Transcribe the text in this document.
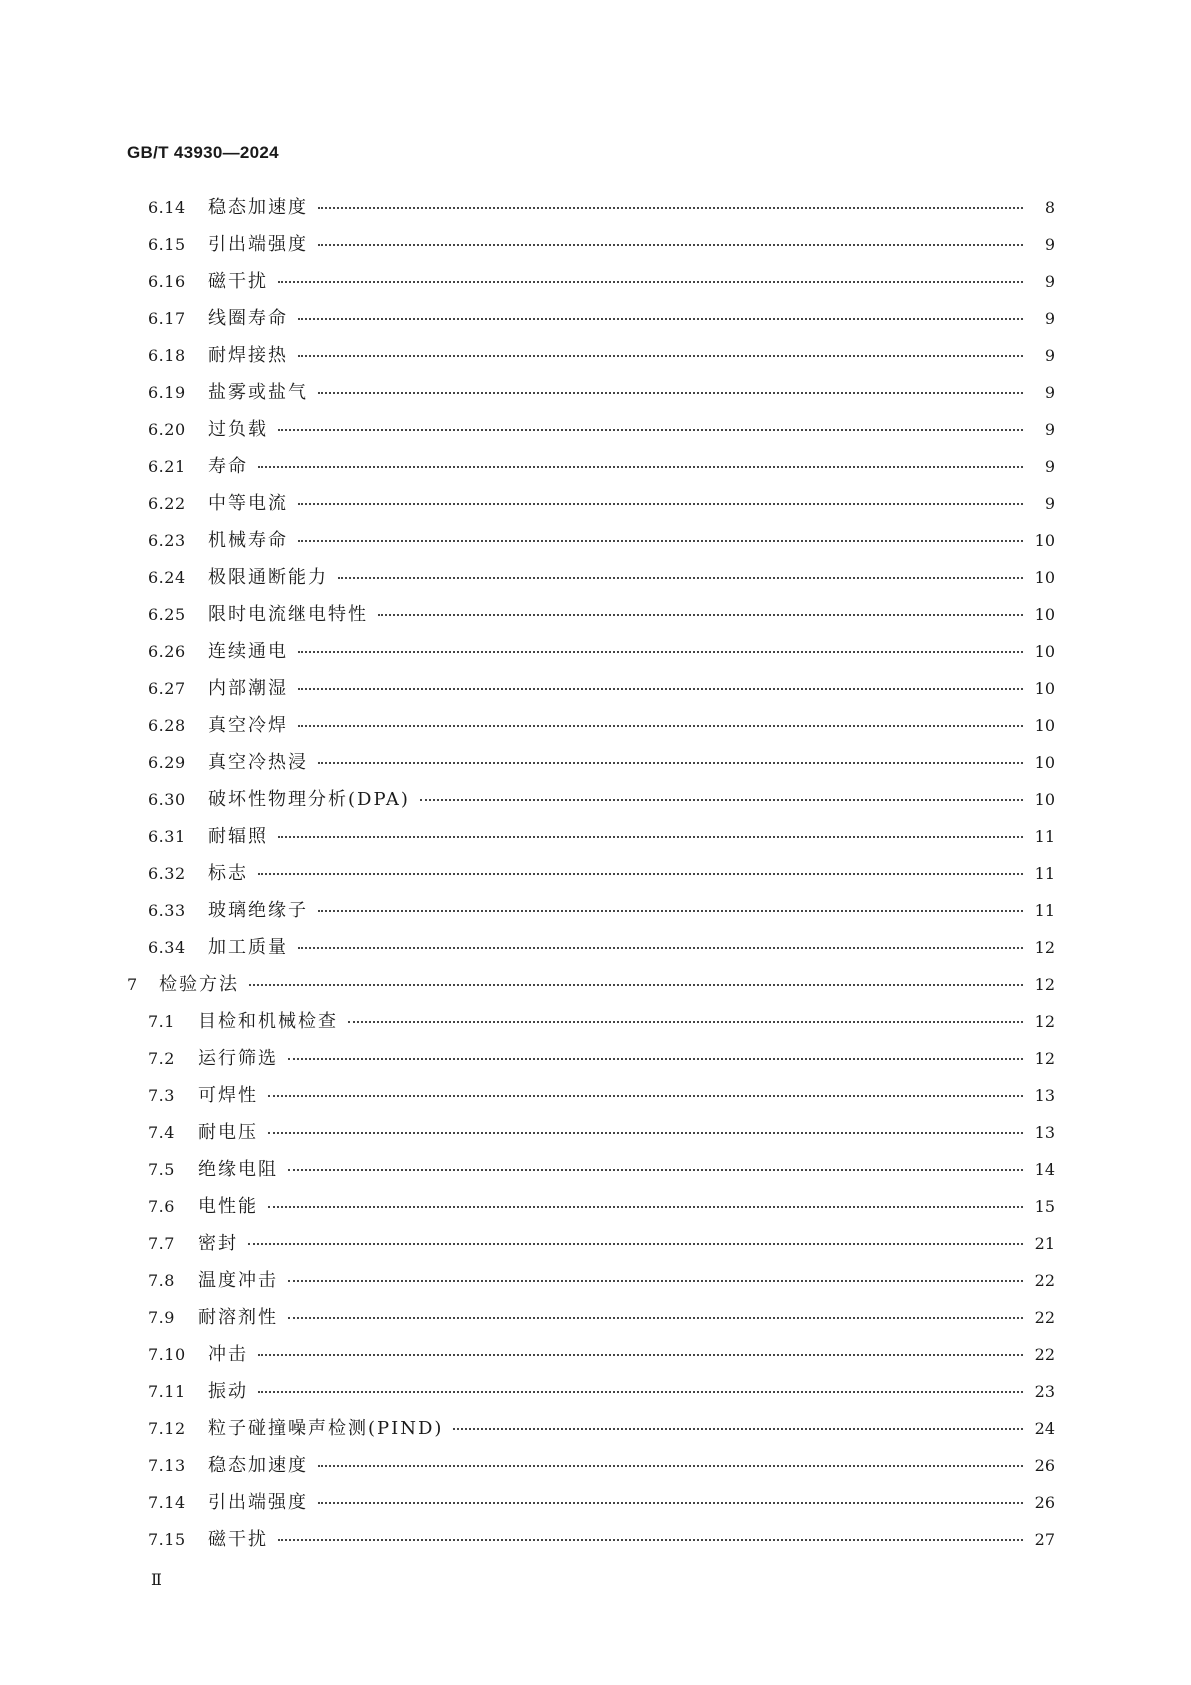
GB/T 43930—2024
6.14	稳态加速度	8
6.15	引出端强度	9
6.16	磁干扰	9
6.17	线圈寿命	9
6.18	耐焊接热	9
6.19	盐雾或盐气	9
6.20	过负载	9
6.21	寿命	9
6.22	中等电流	9
6.23	机械寿命	10
6.24	极限通断能力	10
6.25	限时电流继电特性	10
6.26	连续通电	10
6.27	内部潮湿	10
6.28	真空冷焊	10
6.29	真空冷热浸	10
6.30	破坏性物理分析(DPA)	10
6.31	耐辐照	11
6.32	标志	11
6.33	玻璃绝缘子	11
6.34	加工质量	12
7	检验方法	12
7.1	目检和机械检查	12
7.2	运行筛选	12
7.3	可焊性	13
7.4	耐电压	13
7.5	绝缘电阻	14
7.6	电性能	15
7.7	密封	21
7.8	温度冲击	22
7.9	耐溶剂性	22
7.10	冲击	22
7.11	振动	23
7.12	粒子碰撞噪声检测(PIND)	24
7.13	稳态加速度	26
7.14	引出端强度	26
7.15	磁干扰	27
Ⅱ
